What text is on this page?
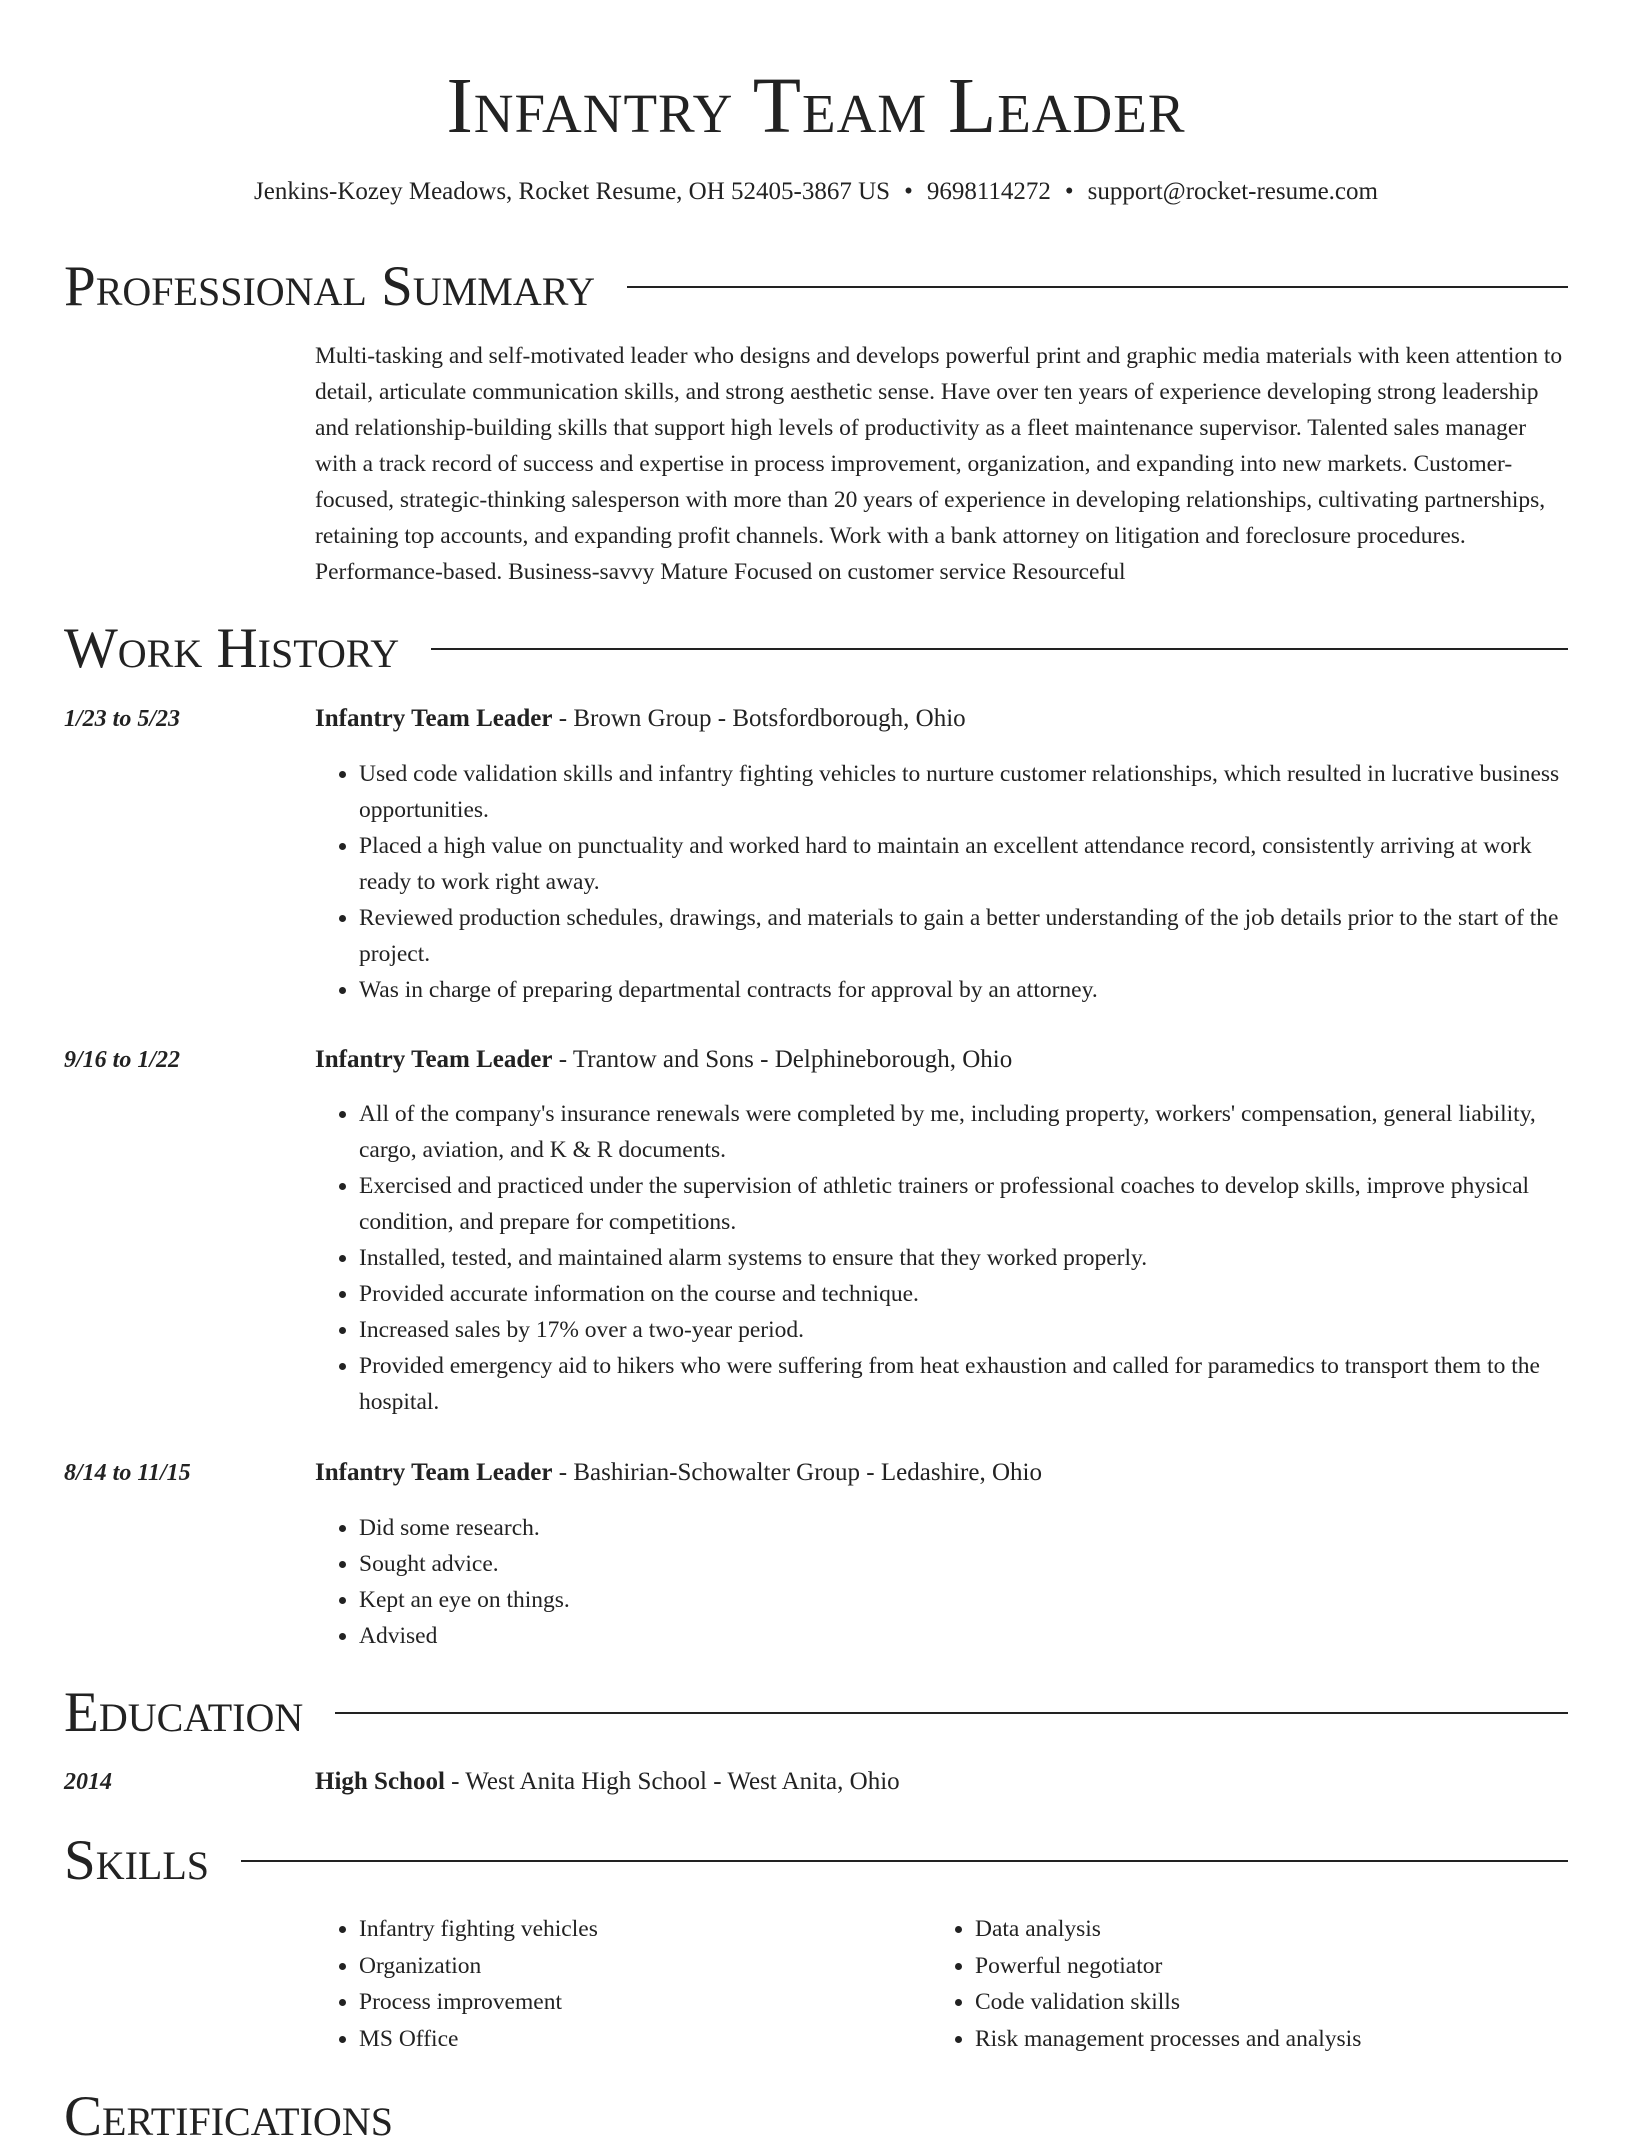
Infantry Team Leader
Jenkins-Kozey Meadows, Rocket Resume, OH 52405-3867 US • 9698114272 • support@rocket-resume.com
Professional Summary

Multi-tasking and self-motivated leader who designs and develops powerful print and graphic media materials with keen attention to detail, articulate communication skills, and strong aesthetic sense. Have over ten years of experience developing strong leadership and relationship-building skills that support high levels of productivity as a fleet maintenance supervisor. Talented sales manager with a track record of success and expertise in process improvement, organization, and expanding into new markets. Customer-focused, strategic-thinking salesperson with more than 20 years of experience in developing relationships, cultivating partnerships, retaining top accounts, and expanding profit channels. Work with a bank attorney on litigation and foreclosure procedures. Performance-based. Business-savvy Mature Focused on customer service Resourceful

Work History
1/23 to 5/23	Infantry Team Leader - Brown Group - Botsfordborough, Ohio
• Used code validation skills and infantry fighting vehicles to nurture customer relationships, which resulted in lucrative business opportunities.
• Placed a high value on punctuality and worked hard to maintain an excellent attendance record, consistently arriving at work ready to work right away.
• Reviewed production schedules, drawings, and materials to gain a better understanding of the job details prior to the start of the project.
• Was in charge of preparing departmental contracts for approval by an attorney.
9/16 to 1/22	Infantry Team Leader - Trantow and Sons - Delphineborough, Ohio
• All of the company's insurance renewals were completed by me, including property, workers' compensation, general liability, cargo, aviation, and K & R documents.
• Exercised and practiced under the supervision of athletic trainers or professional coaches to develop skills, improve physical condition, and prepare for competitions.
• Installed, tested, and maintained alarm systems to ensure that they worked properly.
• Provided accurate information on the course and technique.
• Increased sales by 17% over a two-year period.
• Provided emergency aid to hikers who were suffering from heat exhaustion and called for paramedics to transport them to the hospital.
8/14 to 11/15	Infantry Team Leader - Bashirian-Schowalter Group - Ledashire, Ohio
• Did some research.
• Sought advice.
• Kept an eye on things.
• Advised
Education
2014	High School - West Anita High School - West Anita, Ohio
Skills
• Infantry fighting vehicles
• Organization
• Process improvement
• MS Office
• Data analysis
• Powerful negotiator
• Code validation skills
• Risk management processes and analysis
Certifications
